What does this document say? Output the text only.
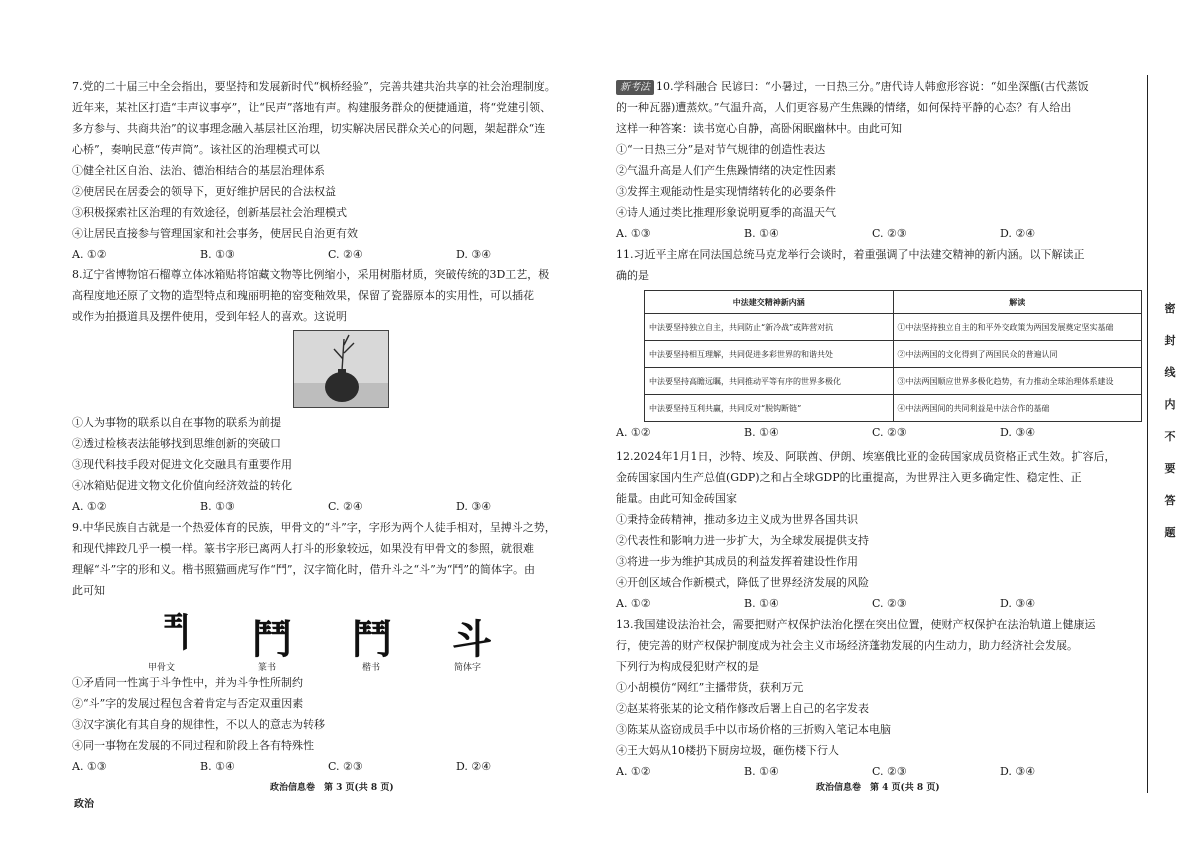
7.党的二十届三中全会指出，要坚持和发展新时代“枫桥经验”，完善共建共治共享的社会治理制度。
近年来，某社区打造“丰声议事亭”，让“民声”落地有声。构建服务群众的便捷通道，将“党建引领、
多方参与、共商共治”的议事理念融入基层社区治理，切实解决居民群众关心的问题，架起群众“连
心桥”，奏响民意“传声筒”。该社区的治理模式可以
①健全社区自治、法治、德治相结合的基层治理体系
②使居民在居委会的领导下，更好维护居民的合法权益
③积极探索社区治理的有效途径，创新基层社会治理模式
④让居民直接参与管理国家和社会事务，使居民自治更有效
A. ①②	B. ①③	C. ②④	D. ③④
8.辽宁省博物馆石榴尊立体冰箱贴将馆藏文物等比例缩小，采用树脂材质，突破传统的3D工艺，极
高程度地还原了文物的造型特点和瑰丽明艳的窑变釉效果，保留了瓷器原本的实用性，可以插花
或作为拍摄道具及摆件使用，受到年轻人的喜欢。这说明
①人为事物的联系以自在事物的联系为前提
②透过检核表法能够找到思维创新的突破口
③现代科技手段对促进文化交融具有重要作用
④冰箱贴促进文物文化价值向经济效益的转化
A. ①②	B. ①③	C. ②④	D. ③④
9.中华民族自古就是一个热爱体育的民族，甲骨文的“斗”字，字形为两个人徒手相对，呈搏斗之势，
和现代摔跤几乎一模一样。篆书字形已离两人打斗的形象较远，如果没有甲骨文的参照，就很难
理解“斗”字的形和义。楷书照猫画虎写作“鬥”，汉字简化时，借升斗之“斗”为“鬥”的简体字。由
此可知
𩰊 鬥 鬥 斗
甲骨文	篆书	楷书	简体字
①矛盾同一性寓于斗争性中，并为斗争性所制约
②“斗”字的发展过程包含着肯定与否定双重因素
③汉字演化有其自身的规律性，不以人的意志为转移
④同一事物在发展的不同过程和阶段上各有特殊性
A. ①③	B. ①④	C. ②③	D. ②④
政治信息卷　第 3 页(共 8 页)
政治
新考法 10.学科融合 民谚曰：“小暑过，一日热三分。”唐代诗人韩愈形容说：“如坐深甑(古代蒸饭
的一种瓦器)遭蒸炊。”气温升高，人们更容易产生焦躁的情绪，如何保持平静的心态？有人给出
这样一种答案：读书宽心自静，高卧闲眠幽林中。由此可知
①“一日热三分”是对节气规律的创造性表达
②气温升高是人们产生焦躁情绪的决定性因素
③发挥主观能动性是实现情绪转化的必要条件
④诗人通过类比推理形象说明夏季的高温天气
A. ①③	B. ①④	C. ②③	D. ②④
11.习近平主席在同法国总统马克龙举行会谈时，着重强调了中法建交精神的新内涵。以下解读正
确的是
中法建交精神新内涵	解读
中法要坚持独立自主，共同防止“新冷战”或阵营对抗	①中法坚持独立自主的和平外交政策为两国发展奠定坚实基础
中法要坚持相互理解，共同促进多彩世界的和谐共处	②中法两国的文化得到了两国民众的普遍认同
中法要坚持高瞻远瞩，共同推动平等有序的世界多极化	③中法两国顺应世界多极化趋势，有力推动全球治理体系建设
中法要坚持互利共赢，共同反对“脱钩断链”	④中法两国间的共同利益是中法合作的基础
A. ①②	B. ①④	C. ②③	D. ③④
12.2024年1月1日，沙特、埃及、阿联酋、伊朗、埃塞俄比亚的金砖国家成员资格正式生效。扩容后，
金砖国家国内生产总值(GDP)之和占全球GDP的比重提高，为世界注入更多确定性、稳定性、正
能量。由此可知金砖国家
①秉持金砖精神，推动多边主义成为世界各国共识
②代表性和影响力进一步扩大，为全球发展提供支持
③将进一步为维护其成员的利益发挥着建设性作用
④开创区域合作新模式，降低了世界经济发展的风险
A. ①②	B. ①④	C. ②③	D. ③④
13.我国建设法治社会，需要把财产权保护法治化摆在突出位置，使财产权保护在法治轨道上健康运
行，使完善的财产权保护制度成为社会主义市场经济蓬勃发展的内生动力，助力经济社会发展。
下列行为构成侵犯财产权的是
①小胡模仿“网红”主播带货，获利万元
②赵某将张某的论文稍作修改后署上自己的名字发表
③陈某从盗窃成员手中以市场价格的三折购入笔记本电脑
④王大妈从10楼扔下厨房垃圾，砸伤楼下行人
A. ①②	B. ①④	C. ②③	D. ③④
政治信息卷　第 4 页(共 8 页)
密
封
线
内
不
要
答
题
